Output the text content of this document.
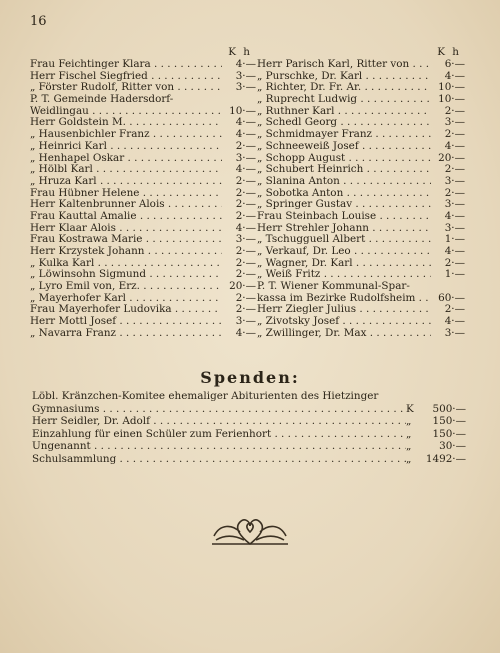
16
K h
Frau Feichtinger Klara . . .	4·—
Herr Fischel Siegfried . . .	3·—
„ Förster Rudolf, Ritter von . . .	3·—
P. T. Gemeinde Hadersdorf-
Weidlingau . . .	10·—
Herr Goldstein M. . . .	4·—
„ Hausenbichler Franz . . .	4·—
„ Heinrici Karl . . .	2·—
„ Henhapel Oskar . . .	3·—
„ Hölbl Karl . . .	4·—
„ Hruza Karl . . .	2·—
Frau Hübner Helene . . .	2·—
Herr Kaltenbrunner Alois . . .	2·—
Frau Kauttal Amalie . . .	2·—
Herr Klaar Alois . . .	4·—
Frau Kostrawa Marie . . .	3·—
Herr Krzystek Johann . . .	2·—
„ Kulka Karl . . .	2·—
„ Löwinsohn Sigmund . . .	2·—
„ Lyro Emil von, Erz. . . .	20·—
„ Mayerhofer Karl . . .	2·—
Frau Mayerhofer Ludovika . . .	2·—
Herr Mottl Josef . . .	3·—
„ Navarra Franz . . .	4·—
K h
Herr Parisch Karl, Ritter von . . .	6·—
„ Purschke, Dr. Karl . . .	4·—
„ Richter, Dr. Fr. Ar. . . .	10·—
„ Ruprecht Ludwig . . .	10·—
„ Ruthner Karl . . .	2·—
„ Schedl Georg . . .	3·—
„ Schmidmayer Franz . . .	2·—
„ Schneeweiß Josef . . .	4·—
„ Schopp August . . .	20·—
„ Schubert Heinrich . . .	2·—
„ Slanina Anton . . .	3·—
„ Sobotka Anton . . .	2·—
„ Springer Gustav . . .	3·—
Frau Steinbach Louise . . .	4·—
Herr Strehler Johann . . .	3·—
„ Tschugguell Albert . . .	1·—
„ Verkauf, Dr. Leo . . .	4·—
„ Wagner, Dr. Karl . . .	2·—
„ Weiß Fritz . . .	1·—
P. T. Wiener Kommunal-Spar-
kassa im Bezirke Rudolfsheim . . .	60·—
Herr Ziegler Julius . . .	2·—
„ Zivotsky Josef . . .	4·—
„ Zwillinger, Dr. Max . . .	3·—
Spenden:
Löbl. Kränzchen-Komitee ehemaliger Abiturienten des Hietzinger
Gymnasiums . . .	K	500·—
Herr Seidler, Dr. Adolf . . .	„	150·—
Einzahlung für einen Schüler zum Ferienhort . . .	„	150·—
Ungenannt . . .	„	30·—
Schulsammlung . . .	„	1492·—
